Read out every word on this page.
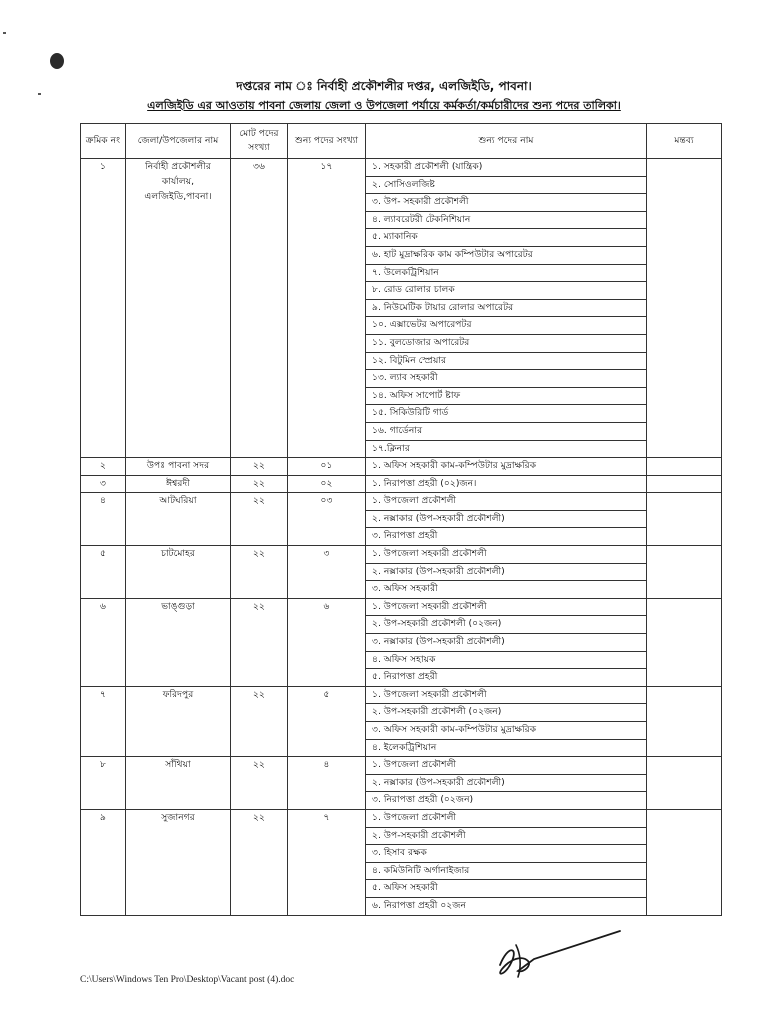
দপ্তরের নাম ঃ নির্বাহী প্রকৌশলীর দপ্তর, এলজিইডি, পাবনা।
এলজিইডি এর আওতায় পাবনা জেলায় জেলা ও উপজেলা পর্যায়ে কর্মকর্তা/কর্মচারীদের শুন্য পদের তালিকা।
ক্রমিক নং	জেলা/উপজেলার নাম	মোট পদের সংখ্যা	শুন্য পদের সংখ্যা	শুন্য পদের নাম	মন্তব্য
১	নির্বাহী প্রকৌশলীর কার্যালয়, এলজিইডি,পাবনা।	৩৬	১৭	১. সহকারী প্রকৌশলী (যান্ত্রিক)	
				২. সোসিওলজিষ্ট	
				৩. উপ- সহকারী প্রকৌশলী	
				৪. ল্যাবরেটরী টেকনিশিয়ান	
				৫. ম্যাকানিক	
				৬. হাট মুদ্রাক্ষরিক কাম কম্পিউটার অপারেটর	
				৭. উলেকট্রিশিয়ান	
				৮. রোড রোলার চালক	
				৯. নিউমেটিক টায়ার রোলার অপারেটর	
				১০. এক্সাভেটর অপারেপটর	
				১১. বুলডোজার অপারেটর	
				১২. বিটুমিন স্প্রেয়ার	
				১৩. ল্যাব সহকারী	
				১৪. অফিস সাপোর্ট ষ্টাফ	
				১৫. সিকিউরিটি গার্ড	
				১৬. গার্ডেনার	
				১৭.ক্লিনার	
২	উপঃ পাবনা সদর	২২	০১	১. অফিস সহকারী কাম-কম্পিউটার মুদ্রাক্ষরিক	
৩	ঈশ্বরদী	২২	০২	১. নিরাপত্তা প্রহরী (০২)জন।	
৪	আটঘরিয়া	২২	০৩	১. উপজেলা প্রকৌশলী	
				২. নক্সাকার (উপ-সহকারী প্রকৌশলী)	
				৩. নিরাপত্তা প্রহরী	
৫	চাটমোহর	২২	৩	১. উপজেলা সহকারী প্রকৌশলী	
				২. নক্সাকার (উপ-সহকারী প্রকৌশলী)	
				৩. অফিস সহকারী	
৬	ভাঙ্গুড়া	২২	৬	১. উপজেলা সহকারী প্রকৌশলী	
				২. উপ-সহকারী প্রকৌশলী (০২জন)	
				৩. নক্সাকার (উপ-সহকারী প্রকৌশলী)	
				৪. অফিস সহায়ক	
				৫. নিরাপত্তা প্রহরী	
৭	ফরিদপুর	২২	৫	১. উপজেলা সহকারী প্রকৌশলী	
				২. উপ-সহকারী প্রকৌশলী (০২জন)	
				৩. অফিস সহকারী কাম-কম্পিউটার মুদ্রাক্ষরিক	
				৪. ইলেকট্রিশিয়ান	
৮	সাঁথিয়া	২২	৪	১. উপজেলা প্রকৌশলী	
				২. নক্সাকার (উপ-সহকারী প্রকৌশলী)	
				৩. নিরাপত্তা প্রহরী (০২জন)	
৯	সুজানগর	২২	৭	১. উপজেলা প্রকৌশলী	
				২. উপ-সহকারী প্রকৌশলী	
				৩. হিসাব রক্ষক	
				৪. কমিউনিটি অর্গানাইজার	
				৫. অফিস সহকারী	
				৬. নিরাপত্তা প্রহরী ০২জন	
C:\Users\Windows Ten Pro\Desktop\Vacant post (4).doc
